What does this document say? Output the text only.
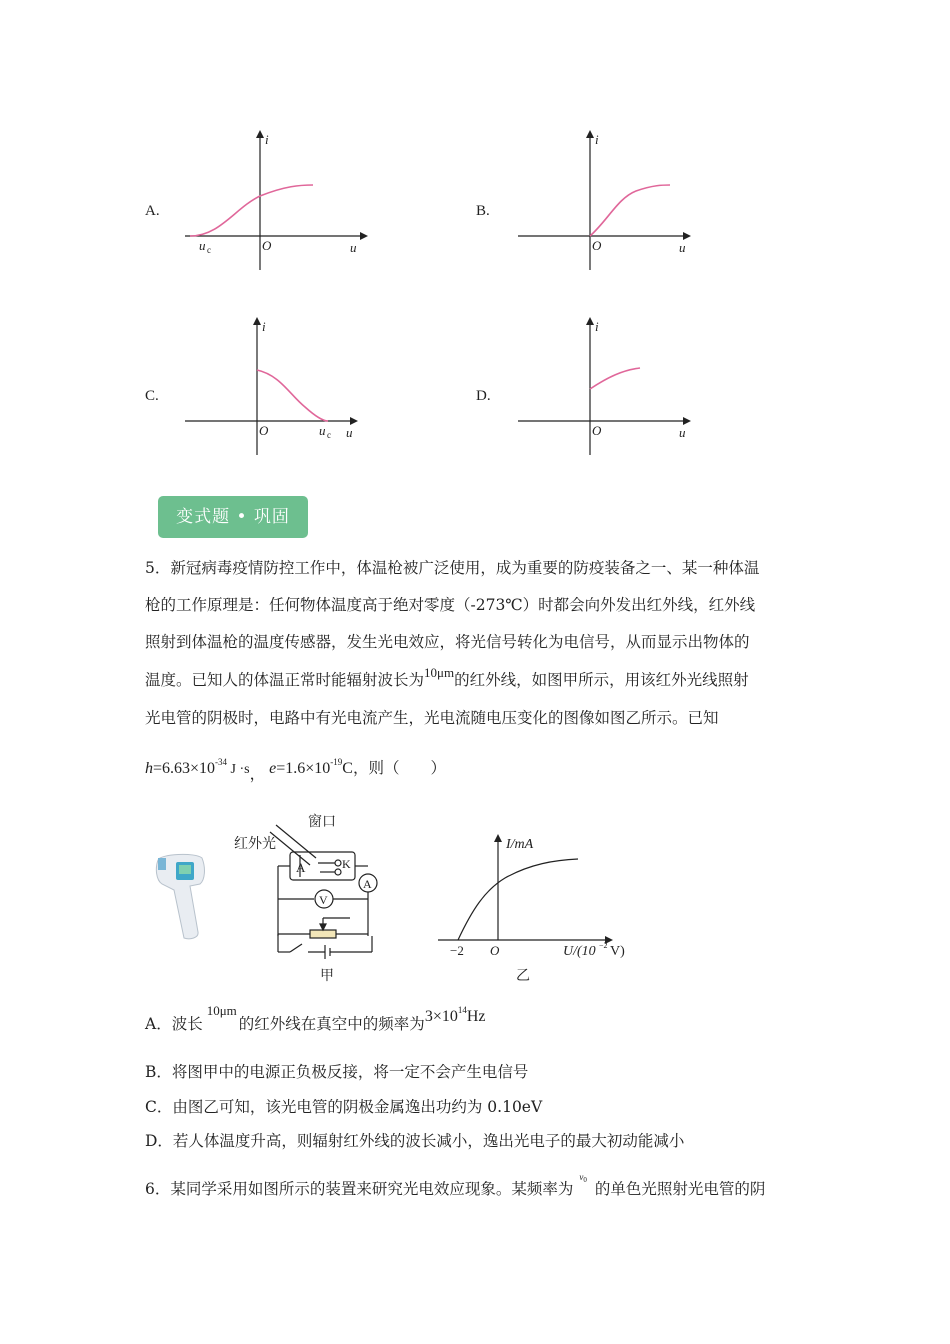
A.
i
O	u
u c
B.
i
O	u
C.
i
O	u
u c
D.
i
O	u
变式题 • 巩固
5．新冠病毒疫情防控工作中，体温枪被广泛使用，成为重要的防疫装备之一、某一种体温
枪的工作原理是：任何物体温度高于绝对零度（-273℃）时都会向外发出红外线，红外线
照射到体温枪的温度传感器，发生光电效应，将光信号转化为电信号，从而显示出物体的
温度。已知人的体温正常时能辐射波长为$^{10\mu m}$的红外线，如图甲所示，用该红外光线照射
光电管的阴极时，电路中有光电流产生，光电流随电压变化的图像如图乙所示。已知
$h=6.63\times 10^{-34}$ J ·s， $e=1.6\times 10^{-19}C$，则（　　）
窗口
红外光
A	K
A
V
甲
I/mA
O
−2	U/(10 −2 V)
乙
A．波长$^{10\mu m}$的红外线在真空中的频率为$3\times 10^{14}Hz$
B．将图甲中的电源正负极反接，将一定不会产生电信号
C．由图乙可知，该光电管的阴极金属逸出功约为 0.10eV
D．若人体温度升高，则辐射红外线的波长减小，逸出光电子的最大初动能减小
6．某同学采用如图所示的装置来研究光电效应现象。某频率为$^{\nu 0}$ 的单色光照射光电管的阴
